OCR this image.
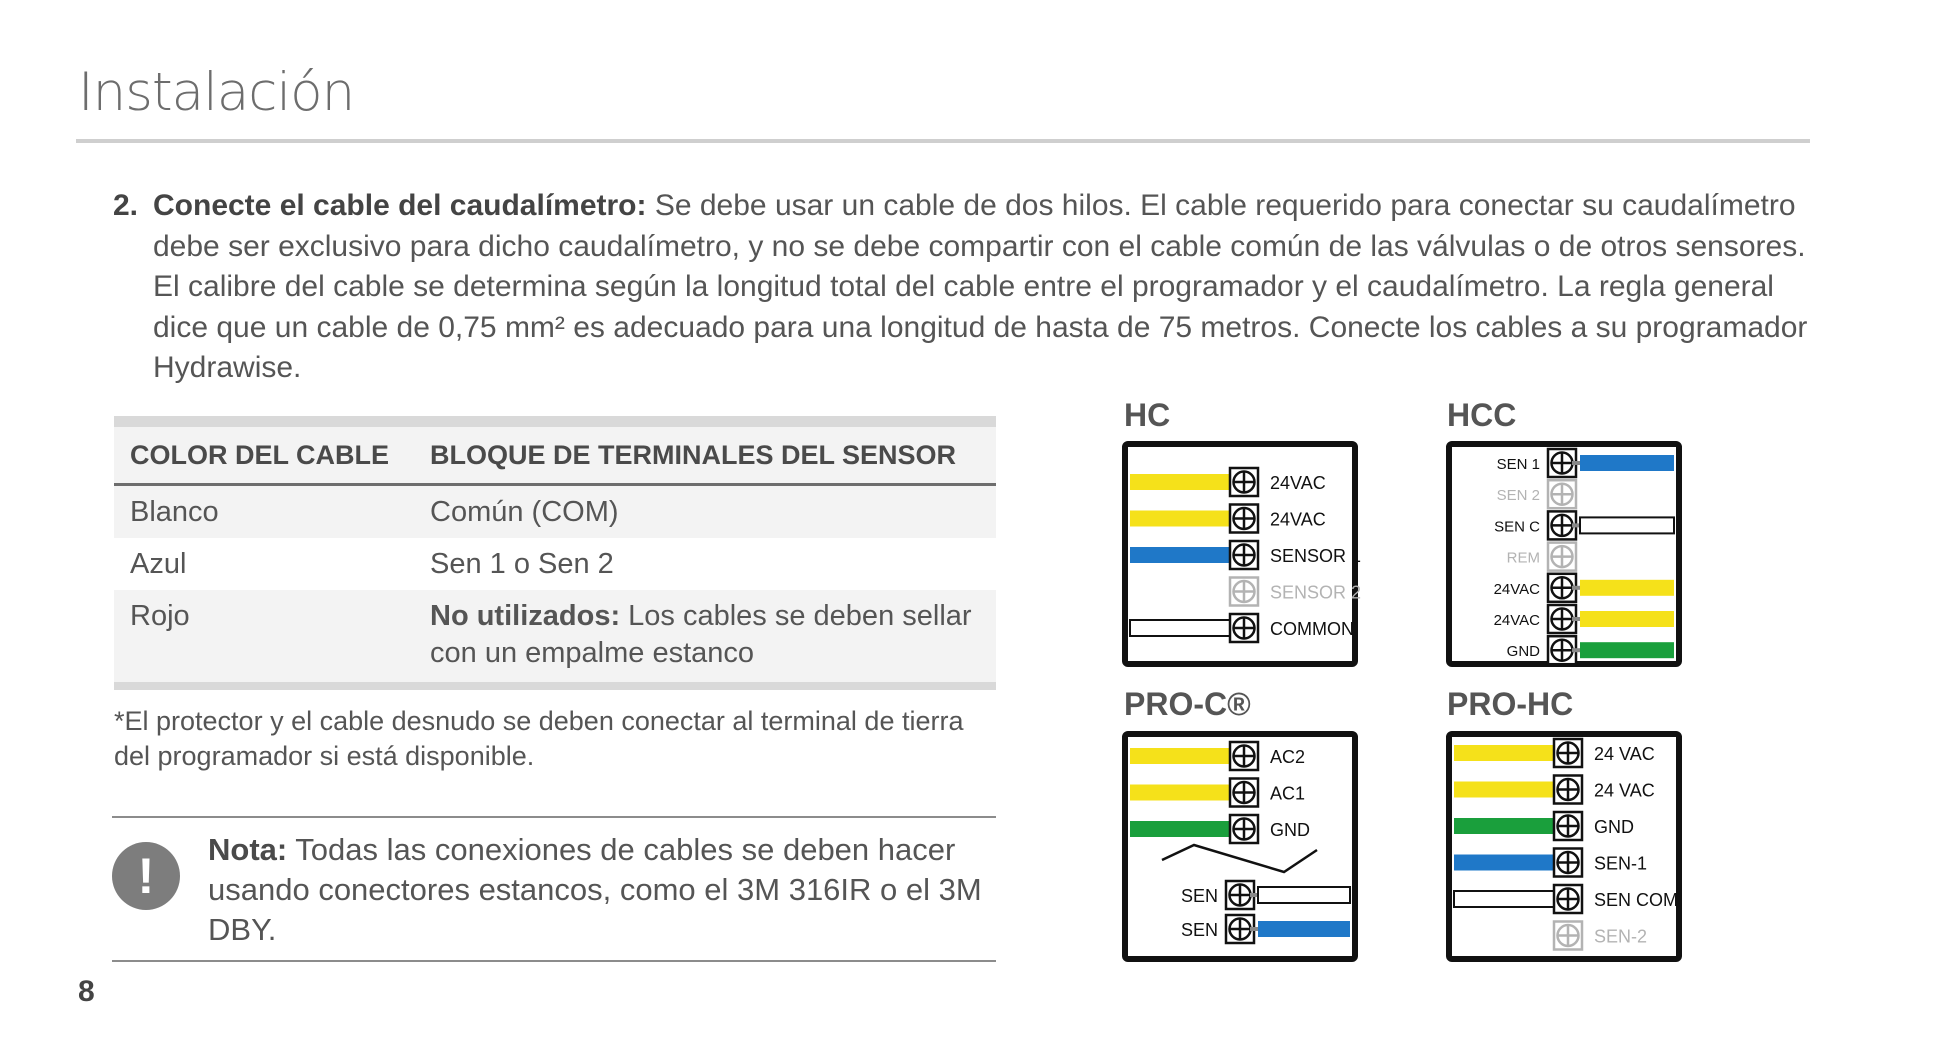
Instalación
2. Conecte el cable del caudalímetro: Se debe usar un cable de dos hilos. El cable requerido para conectar su caudalímetro debe ser exclusivo para dicho caudalímetro, y no se debe compartir con el cable común de las válvulas o de otros sensores. El calibre del cable se determina según la longitud total del cable entre el programador y el caudalímetro. La regla general dice que un cable de 0,75 mm² es adecuado para una longitud de hasta de 75 metros. Conecte los cables a su programador Hydrawise.
COLOR DEL CABLE	BLOQUE DE TERMINALES DEL SENSOR
Blanco	Común (COM)
Azul	Sen 1 o Sen 2
Rojo	No utilizados: Los cables se deben sellar con un empalme estanco
*El protector y el cable desnudo se deben conectar al terminal de tierra del programador si está disponible.
!	Nota: Todas las conexiones de cables se deben hacer usando conectores estancos, como el 3M 316IR o el 3M DBY.
8
HC
24VAC
24VAC
SENSOR 1
SENSOR 2
COMMON
HCC
SEN 1
SEN 2
SEN C
REM
24VAC
24VAC
GND
PRO-C®
AC2
AC1
GND
SEN
SEN
PRO-HC
24 VAC
24 VAC
GND
SEN-1
SEN COM
SEN-2
